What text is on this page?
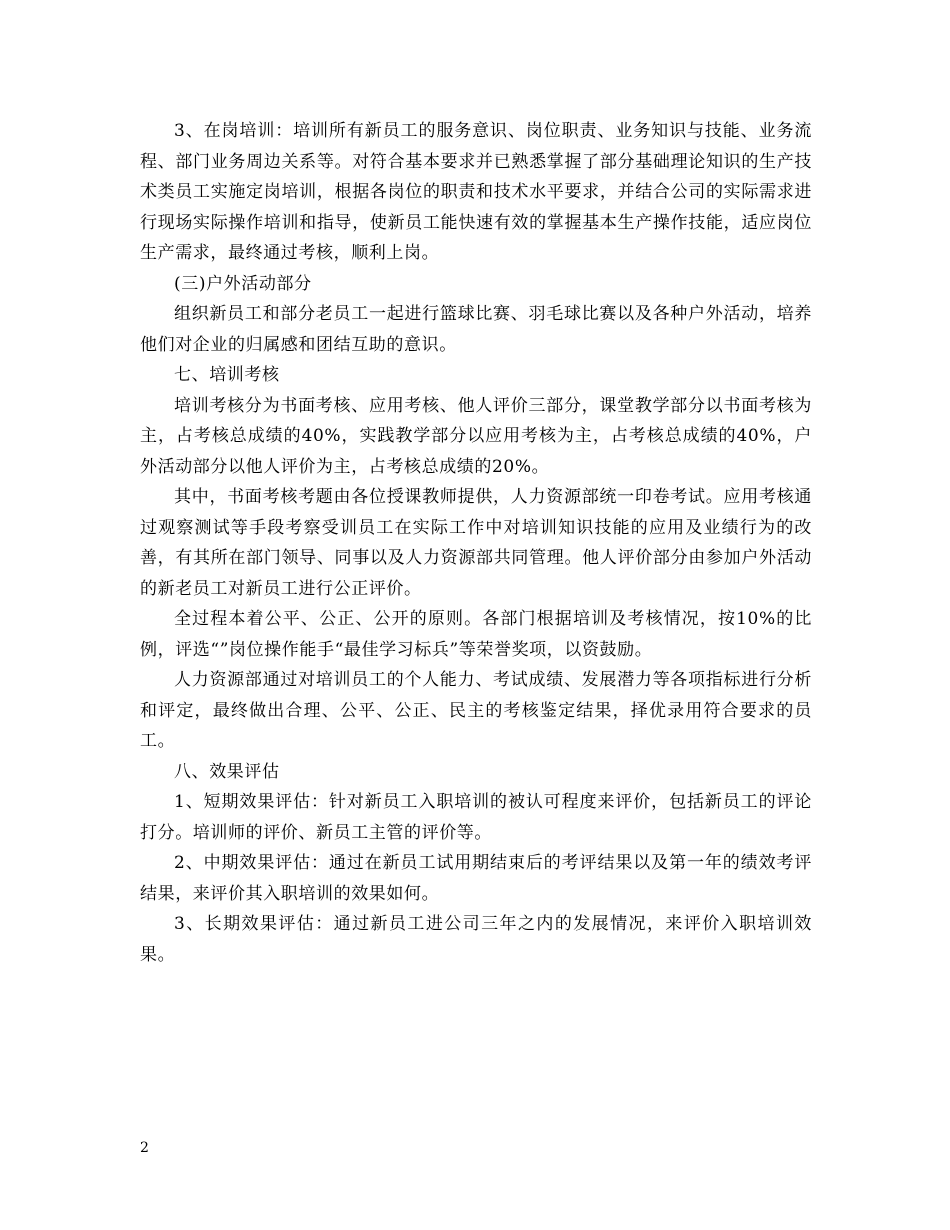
3、在岗培训：培训所有新员工的服务意识、岗位职责、业务知识与技能、业务流程、部门业务周边关系等。对符合基本要求并已熟悉掌握了部分基础理论知识的生产技术类员工实施定岗培训，根据各岗位的职责和技术水平要求，并结合公司的实际需求进行现场实际操作培训和指导，使新员工能快速有效的掌握基本生产操作技能，适应岗位生产需求，最终通过考核，顺利上岗。

(三)户外活动部分

组织新员工和部分老员工一起进行篮球比赛、羽毛球比赛以及各种户外活动，培养他们对企业的归属感和团结互助的意识。

七、培训考核

培训考核分为书面考核、应用考核、他人评价三部分，课堂教学部分以书面考核为主，占考核总成绩的40%，实践教学部分以应用考核为主，占考核总成绩的40%，户外活动部分以他人评价为主，占考核总成绩的20%。

其中，书面考核考题由各位授课教师提供，人力资源部统一印卷考试。应用考核通过观察测试等手段考察受训员工在实际工作中对培训知识技能的应用及业绩行为的改善，有其所在部门领导、同事以及人力资源部共同管理。他人评价部分由参加户外活动的新老员工对新员工进行公正评价。

全过程本着公平、公正、公开的原则。各部门根据培训及考核情况，按10%的比例，评选“”岗位操作能手“最佳学习标兵”等荣誉奖项，以资鼓励。

人力资源部通过对培训员工的个人能力、考试成绩、发展潜力等各项指标进行分析和评定，最终做出合理、公平、公正、民主的考核鉴定结果，择优录用符合要求的员工。

八、效果评估

1、短期效果评估：针对新员工入职培训的被认可程度来评价，包括新员工的评论打分。培训师的评价、新员工主管的评价等。

2、中期效果评估：通过在新员工试用期结束后的考评结果以及第一年的绩效考评结果，来评价其入职培训的效果如何。

3、长期效果评估：通过新员工进公司三年之内的发展情况，来评价入职培训效果。

2
